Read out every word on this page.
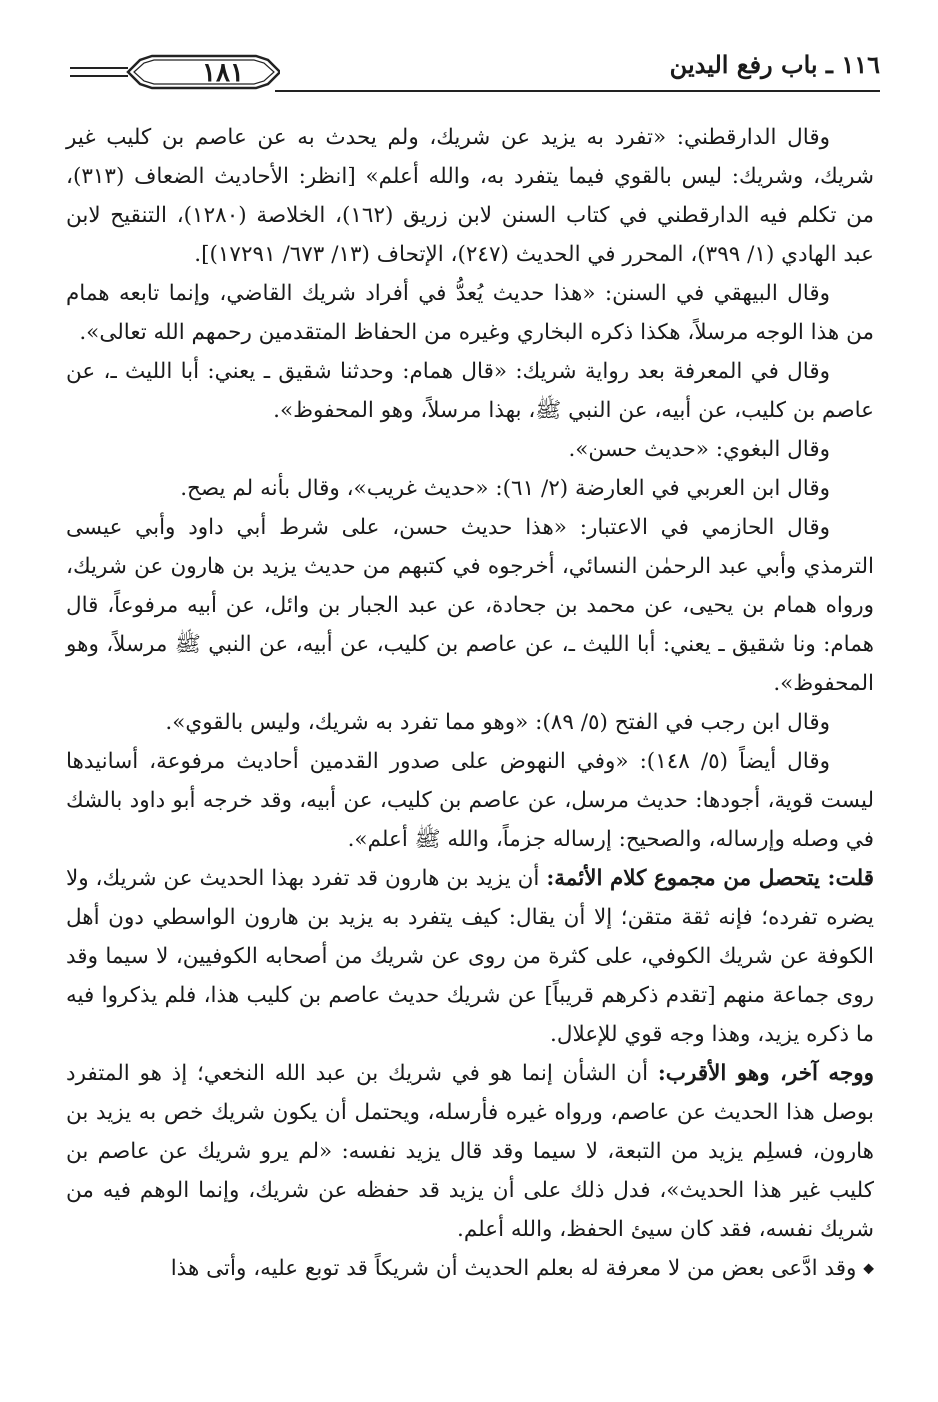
١١٦ ـ باب رفع اليدين
١٨١

وقال الدارقطني: «تفرد به يزيد عن شريك، ولم يحدث به عن عاصم بن كليب غير شريك، وشريك: ليس بالقوي فيما يتفرد به، والله أعلم» [انظر: الأحاديث الضعاف (٣١٣)، من تكلم فيه الدارقطني في كتاب السنن لابن زريق (١٦٢)، الخلاصة (١٢٨٠)، التنقيح لابن عبد الهادي (١/ ٣٩٩)، المحرر في الحديث (٢٤٧)، الإتحاف (١٣/ ٦٧٣/ ١٧٢٩١)].

وقال البيهقي في السنن: «هذا حديث يُعدُّ في أفراد شريك القاضي، وإنما تابعه همام من هذا الوجه مرسلاً، هكذا ذكره البخاري وغيره من الحفاظ المتقدمين رحمهم الله تعالى».

وقال في المعرفة بعد رواية شريك: «قال همام: وحدثنا شقيق ـ يعني: أبا الليث ـ، عن عاصم بن كليب، عن أبيه، عن النبي ﷺ، بهذا مرسلاً، وهو المحفوظ».

وقال البغوي: «حديث حسن».

وقال ابن العربي في العارضة (٢/ ٦١): «حديث غريب»، وقال بأنه لم يصح.

وقال الحازمي في الاعتبار: «هذا حديث حسن، على شرط أبي داود وأبي عيسى الترمذي وأبي عبد الرحمٰن النسائي، أخرجوه في كتبهم من حديث يزيد بن هارون عن شريك، ورواه همام بن يحيى، عن محمد بن جحادة، عن عبد الجبار بن وائل، عن أبيه مرفوعاً، قال همام: ونا شقيق ـ يعني: أبا الليث ـ، عن عاصم بن كليب، عن أبيه، عن النبي ﷺ مرسلاً، وهو المحفوظ».

وقال ابن رجب في الفتح (٥/ ٨٩): «وهو مما تفرد به شريك، وليس بالقوي».

وقال أيضاً (٥/ ١٤٨): «وفي النهوض على صدور القدمين أحاديث مرفوعة، أسانيدها ليست قوية، أجودها: حديث مرسل، عن عاصم بن كليب، عن أبيه، وقد خرجه أبو داود بالشك في وصله وإرساله، والصحيح: إرساله جزماً، والله ﷺ أعلم».

قلت: يتحصل من مجموع كلام الأئمة: أن يزيد بن هارون قد تفرد بهذا الحديث عن شريك، ولا يضره تفرده؛ فإنه ثقة متقن؛ إلا أن يقال: كيف يتفرد به يزيد بن هارون الواسطي دون أهل الكوفة عن شريك الكوفي، على كثرة من روى عن شريك من أصحابه الكوفيين، لا سيما وقد روى جماعة منهم [تقدم ذكرهم قريباً] عن شريك حديث عاصم بن كليب هذا، فلم يذكروا فيه ما ذكره يزيد، وهذا وجه قوي للإعلال.

ووجه آخر، وهو الأقرب: أن الشأن إنما هو في شريك بن عبد الله النخعي؛ إذ هو المتفرد بوصل هذا الحديث عن عاصم، ورواه غيره فأرسله، ويحتمل أن يكون شريك خص به يزيد بن هارون، فسلِم يزيد من التبعة، لا سيما وقد قال يزيد نفسه: «لم يرو شريك عن عاصم بن كليب غير هذا الحديث»، فدل ذلك على أن يزيد قد حفظه عن شريك، وإنما الوهم فيه من شريك نفسه، فقد كان سيئ الحفظ، والله أعلم.

◆ وقد ادَّعى بعض من لا معرفة له بعلم الحديث أن شريكاً قد توبع عليه، وأتى هذا
